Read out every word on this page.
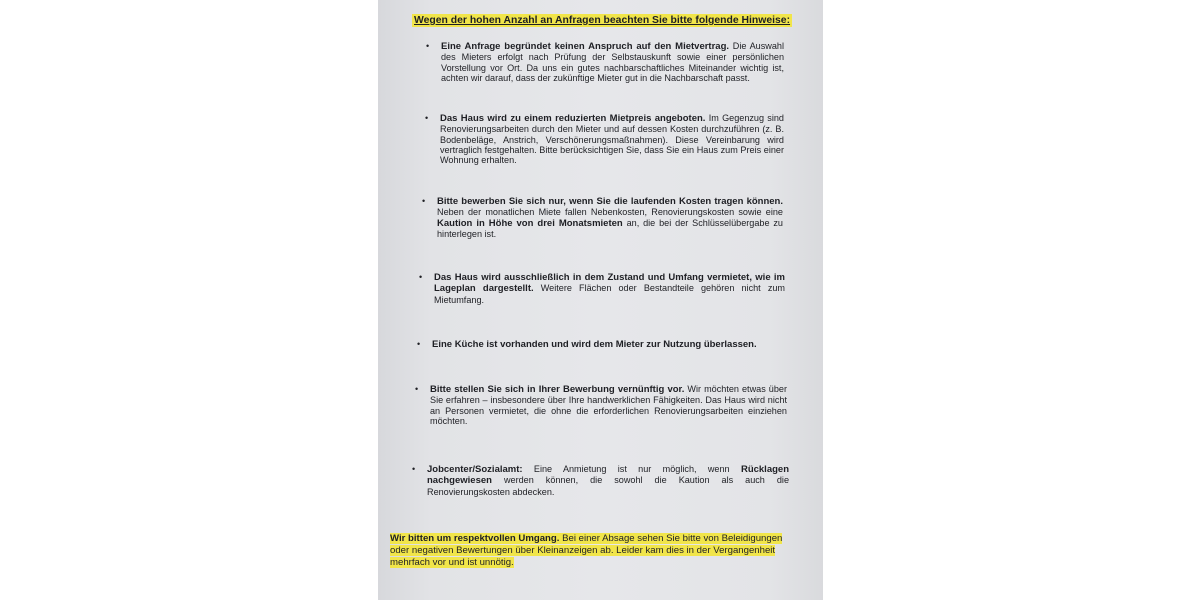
Wegen der hohen Anzahl an Anfragen beachten Sie bitte folgende Hinweise:
• Eine Anfrage begründet keinen Anspruch auf den Mietvertrag. Die Auswahl des Mieters erfolgt nach Prüfung der Selbstauskunft sowie einer persönlichen Vorstellung vor Ort. Da uns ein gutes nachbarschaftliches Miteinander wichtig ist, achten wir darauf, dass der zukünftige Mieter gut in die Nachbarschaft passt.
• Das Haus wird zu einem reduzierten Mietpreis angeboten. Im Gegenzug sind Renovierungsarbeiten durch den Mieter und auf dessen Kosten durchzuführen (z. B. Bodenbeläge, Anstrich, Verschönerungsmaßnahmen). Diese Vereinbarung wird vertraglich festgehalten. Bitte berücksichtigen Sie, dass Sie ein Haus zum Preis einer Wohnung erhalten.
• Bitte bewerben Sie sich nur, wenn Sie die laufenden Kosten tragen können. Neben der monatlichen Miete fallen Nebenkosten, Renovierungskosten sowie eine Kaution in Höhe von drei Monatsmieten an, die bei der Schlüsselübergabe zu hinterlegen ist.
• Das Haus wird ausschließlich in dem Zustand und Umfang vermietet, wie im Lageplan dargestellt. Weitere Flächen oder Bestandteile gehören nicht zum Mietumfang.
• Eine Küche ist vorhanden und wird dem Mieter zur Nutzung überlassen.
• Bitte stellen Sie sich in Ihrer Bewerbung vernünftig vor. Wir möchten etwas über Sie erfahren – insbesondere über Ihre handwerklichen Fähigkeiten. Das Haus wird nicht an Personen vermietet, die ohne die erforderlichen Renovierungsarbeiten einziehen möchten.
• Jobcenter/Sozialamt: Eine Anmietung ist nur möglich, wenn Rücklagen nachgewiesen werden können, die sowohl die Kaution als auch die Renovierungskosten abdecken.
Wir bitten um respektvollen Umgang. Bei einer Absage sehen Sie bitte von Beleidigungen oder negativen Bewertungen über Kleinanzeigen ab. Leider kam dies in der Vergangenheit mehrfach vor und ist unnötig.
